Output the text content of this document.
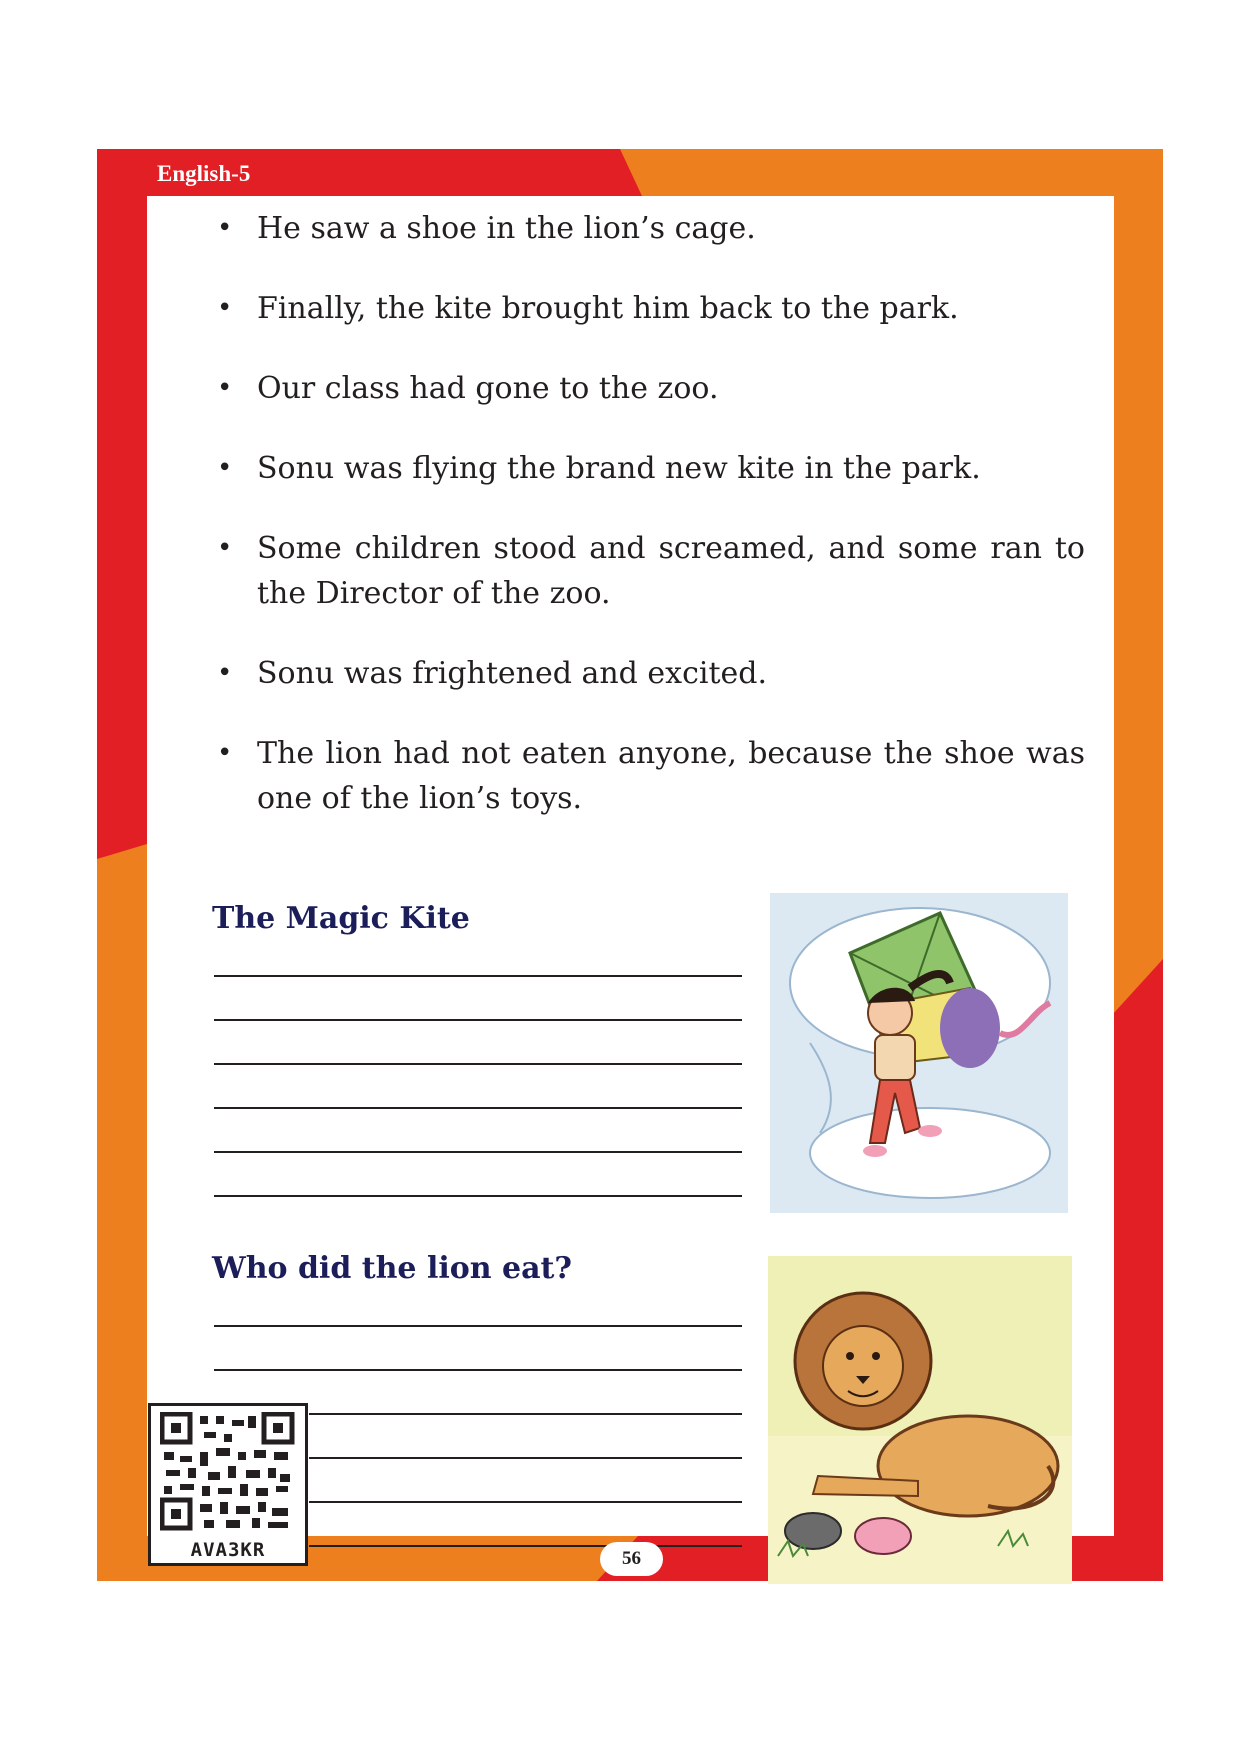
English-5
• He saw a shoe in the lion’s cage.
• Finally, the kite brought him back to the park.
• Our class had gone to the zoo.
• Sonu was flying the brand new kite in the park.
• Some children stood and screamed, and some ran to the Director of the zoo.
• Sonu was frightened and excited.
• The lion had not eaten anyone, because the shoe was one of the lion’s toys.
The Magic Kite
Who did the lion eat?
AVA3KR	56
